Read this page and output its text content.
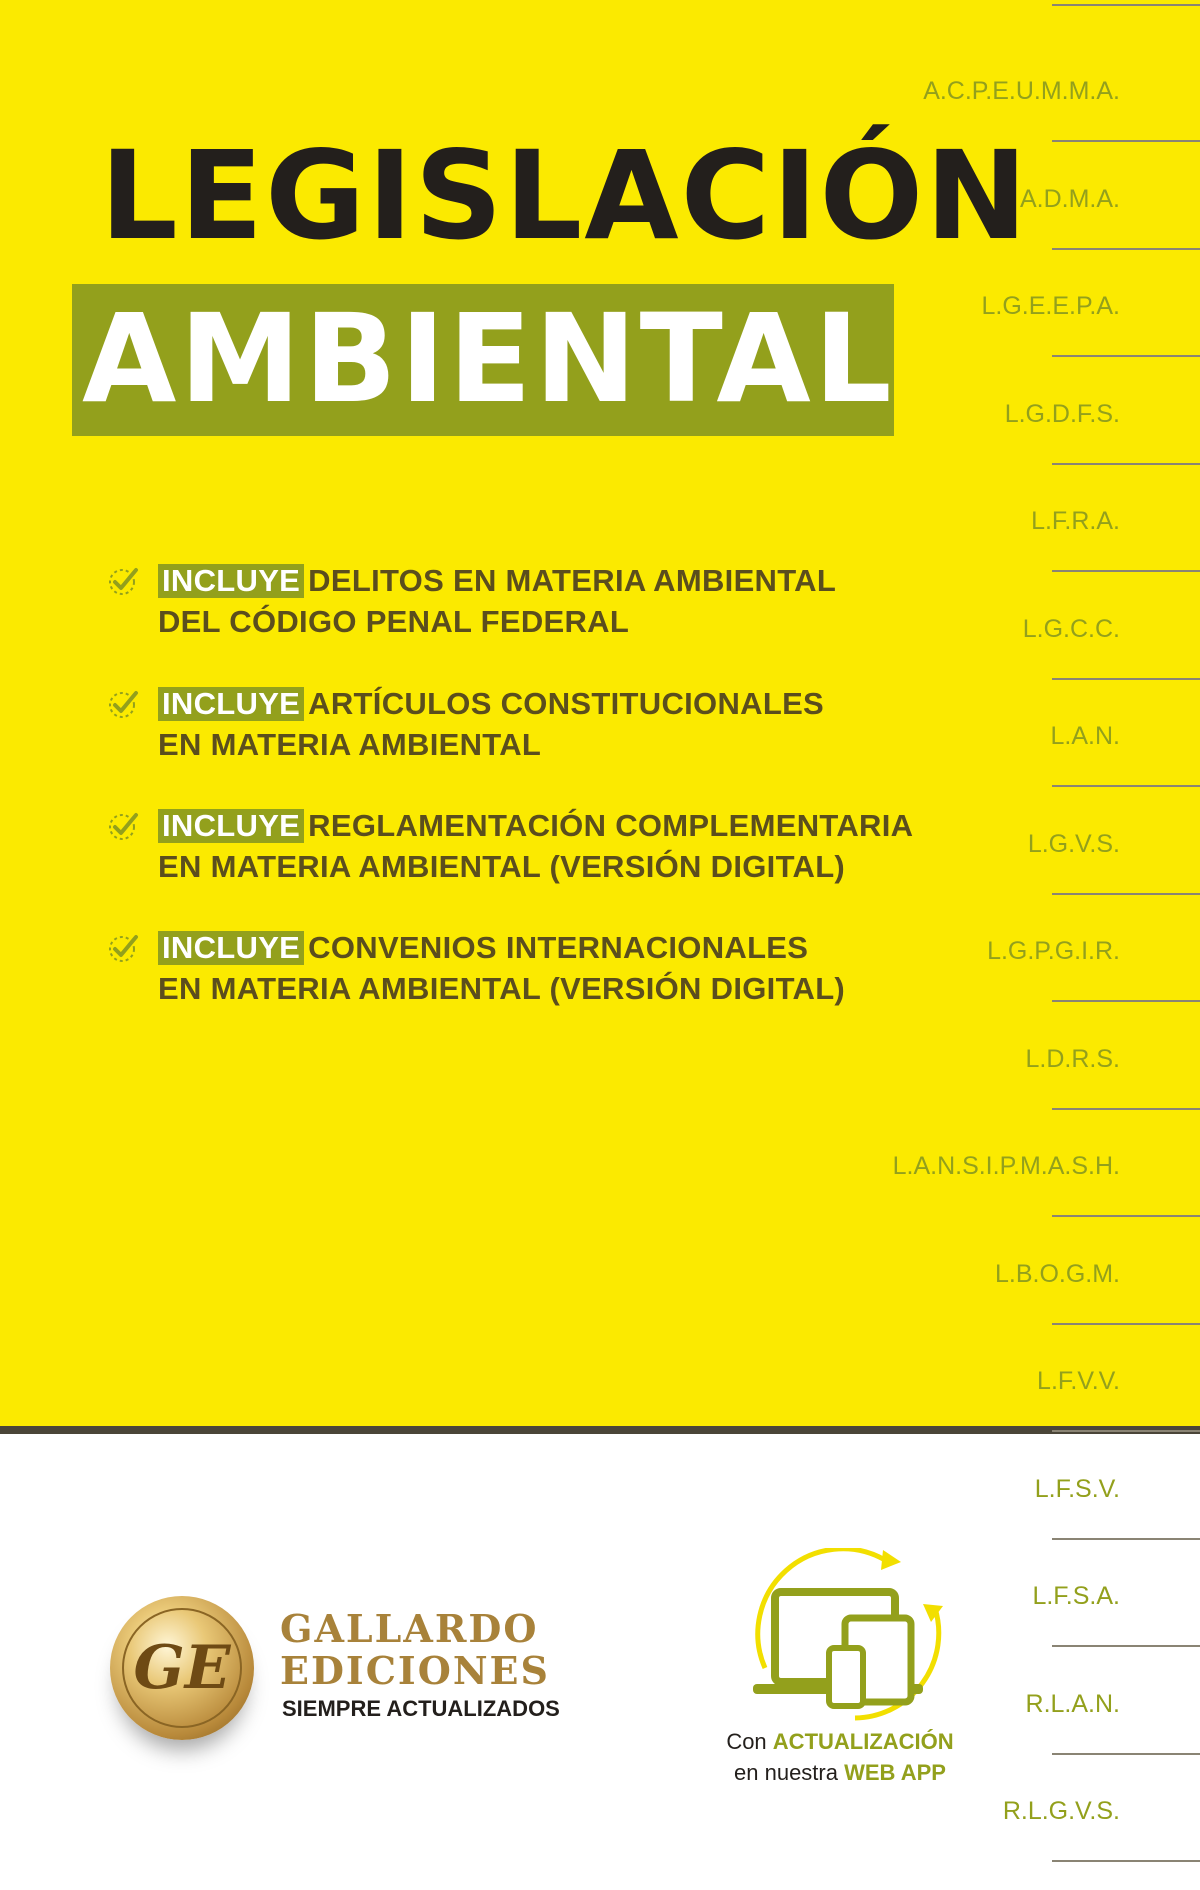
LEGISLACIÓN
AMBIENTAL
INCLUYE DELITOS EN MATERIA AMBIENTAL
DEL CÓDIGO PENAL FEDERAL
INCLUYE ARTÍCULOS CONSTITUCIONALES
EN MATERIA AMBIENTAL
INCLUYE REGLAMENTACIÓN COMPLEMENTARIA
EN MATERIA AMBIENTAL (VERSIÓN DIGITAL)
INCLUYE CONVENIOS INTERNACIONALES
EN MATERIA AMBIENTAL (VERSIÓN DIGITAL)
A.C.P.E.U.M.M.A.
A.D.M.A.
L.G.E.E.P.A.
L.G.D.F.S.
L.F.R.A.
L.G.C.C.
L.A.N.
L.G.V.S.
L.G.P.G.I.R.
L.D.R.S.
L.A.N.S.I.P.M.A.S.H.
L.B.O.G.M.
L.F.V.V.
L.F.S.V.
L.F.S.A.
R.L.A.N.
R.L.G.V.S.
GE
GALLARDO
EDICIONES
SIEMPRE ACTUALIZADOS
Con ACTUALIZACIÓN
en nuestra WEB APP
